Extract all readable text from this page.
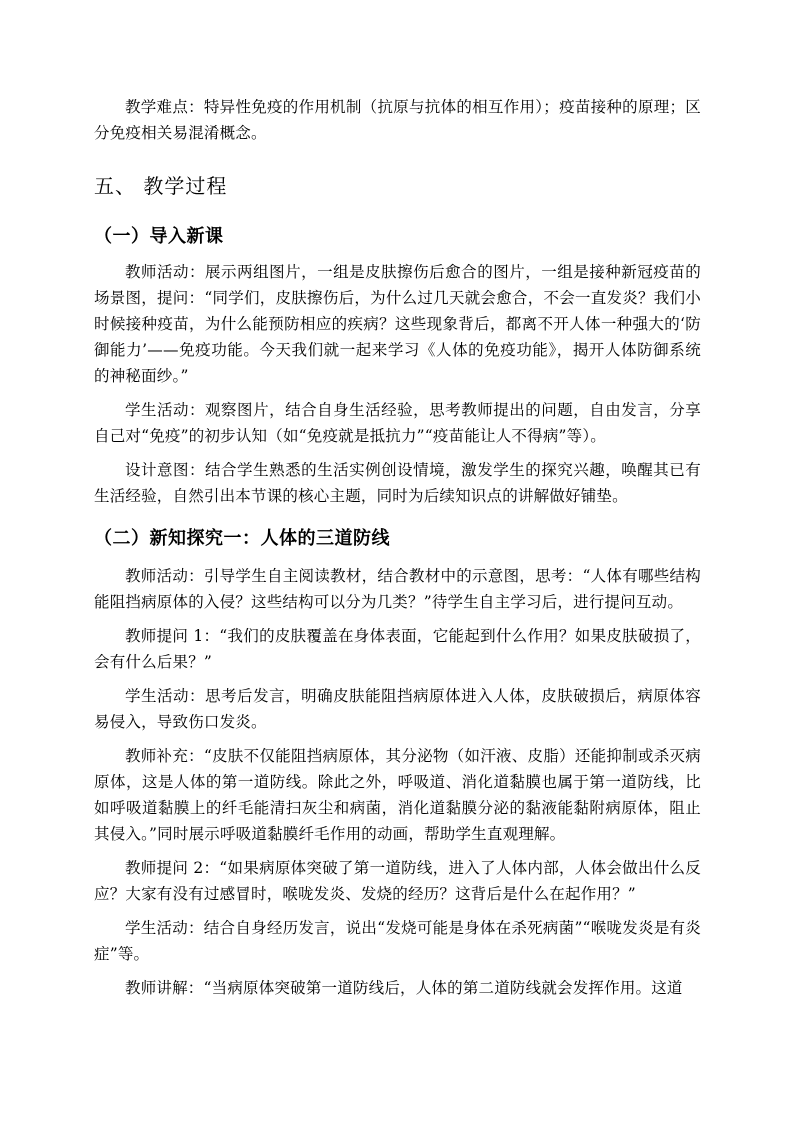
教学难点：特异性免疫的作用机制（抗原与抗体的相互作用）；疫苗接种的原理；区分免疫相关易混淆概念。

五、 教学过程
（一）导入新课

教师活动：展示两组图片，一组是皮肤擦伤后愈合的图片，一组是接种新冠疫苗的场景图，提问：“同学们，皮肤擦伤后，为什么过几天就会愈合，不会一直发炎？我们小时候接种疫苗，为什么能预防相应的疾病？这些现象背后，都离不开人体一种强大的‘防御能力’——免疫功能。今天我们就一起来学习《人体的免疫功能》，揭开人体防御系统的神秘面纱。”

学生活动：观察图片，结合自身生活经验，思考教师提出的问题，自由发言，分享自己对“免疫”的初步认知（如“免疫就是抵抗力”“疫苗能让人不得病”等）。

设计意图：结合学生熟悉的生活实例创设情境，激发学生的探究兴趣，唤醒其已有生活经验，自然引出本节课的核心主题，同时为后续知识点的讲解做好铺垫。

（二）新知探究一：人体的三道防线

教师活动：引导学生自主阅读教材，结合教材中的示意图，思考：“人体有哪些结构能阻挡病原体的入侵？这些结构可以分为几类？”待学生自主学习后，进行提问互动。

教师提问 1：“我们的皮肤覆盖在身体表面，它能起到什么作用？如果皮肤破损了，会有什么后果？”

学生活动：思考后发言，明确皮肤能阻挡病原体进入人体，皮肤破损后，病原体容易侵入，导致伤口发炎。

教师补充：“皮肤不仅能阻挡病原体，其分泌物（如汗液、皮脂）还能抑制或杀灭病原体，这是人体的第一道防线。除此之外，呼吸道、消化道黏膜也属于第一道防线，比如呼吸道黏膜上的纤毛能清扫灰尘和病菌，消化道黏膜分泌的黏液能黏附病原体，阻止其侵入。”同时展示呼吸道黏膜纤毛作用的动画，帮助学生直观理解。

教师提问 2：“如果病原体突破了第一道防线，进入了人体内部，人体会做出什么反应？大家有没有过感冒时，喉咙发炎、发烧的经历？这背后是什么在起作用？”

学生活动：结合自身经历发言，说出“发烧可能是身体在杀死病菌”“喉咙发炎是有炎症”等。

教师讲解：“当病原体突破第一道防线后，人体的第二道防线就会发挥作用。这道
